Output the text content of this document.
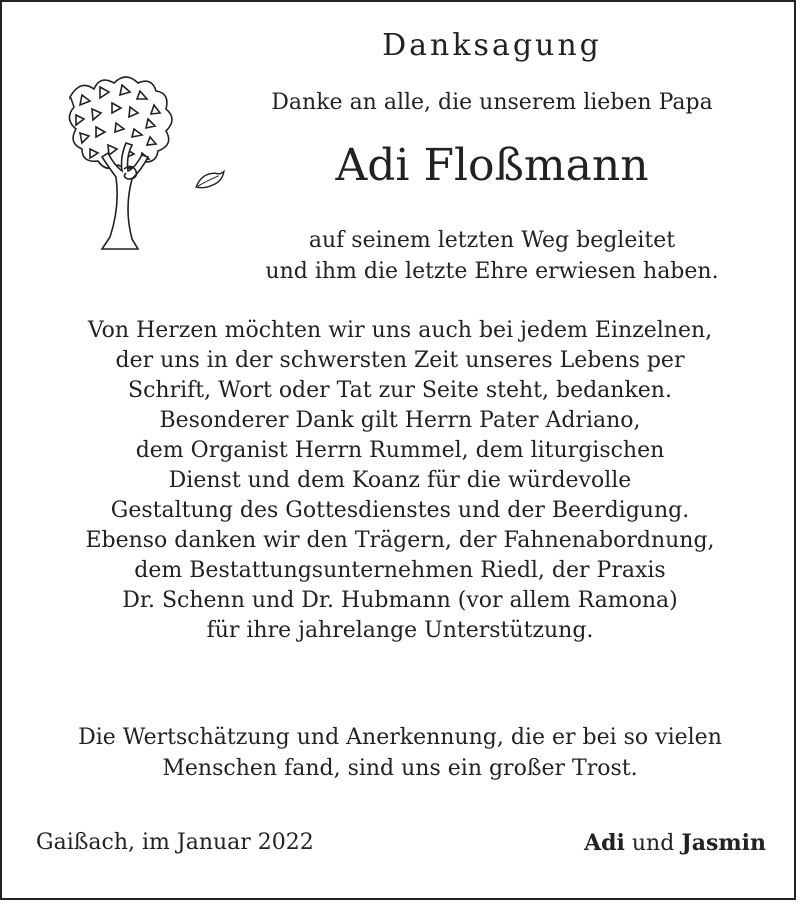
Danksagung

Danke an alle, die unserem lieben Papa

Adi Floßmann

auf seinem letzten Weg begleitet

und ihm die letzte Ehre erwiesen haben.

Von Herzen möchten wir uns auch bei jedem Einzelnen,
der uns in der schwersten Zeit unseres Lebens per
Schrift, Wort oder Tat zur Seite steht, bedanken.
Besonderer Dank gilt Herrn Pater Adriano,
dem Organist Herrn Rummel, dem liturgischen
Dienst und dem Koanz für die würdevolle
Gestaltung des Gottesdienstes und der Beerdigung.
Ebenso danken wir den Trägern, der Fahnenabordnung,
dem Bestattungsunternehmen Riedl, der Praxis
Dr. Schenn und Dr. Hubmann (vor allem Ramona)
für ihre jahrelange Unterstützung.

Die Wertschätzung und Anerkennung, die er bei so vielen
Menschen fand, sind uns ein großer Trost.

Gaißach, im Januar 2022	Adi und Jasmin
